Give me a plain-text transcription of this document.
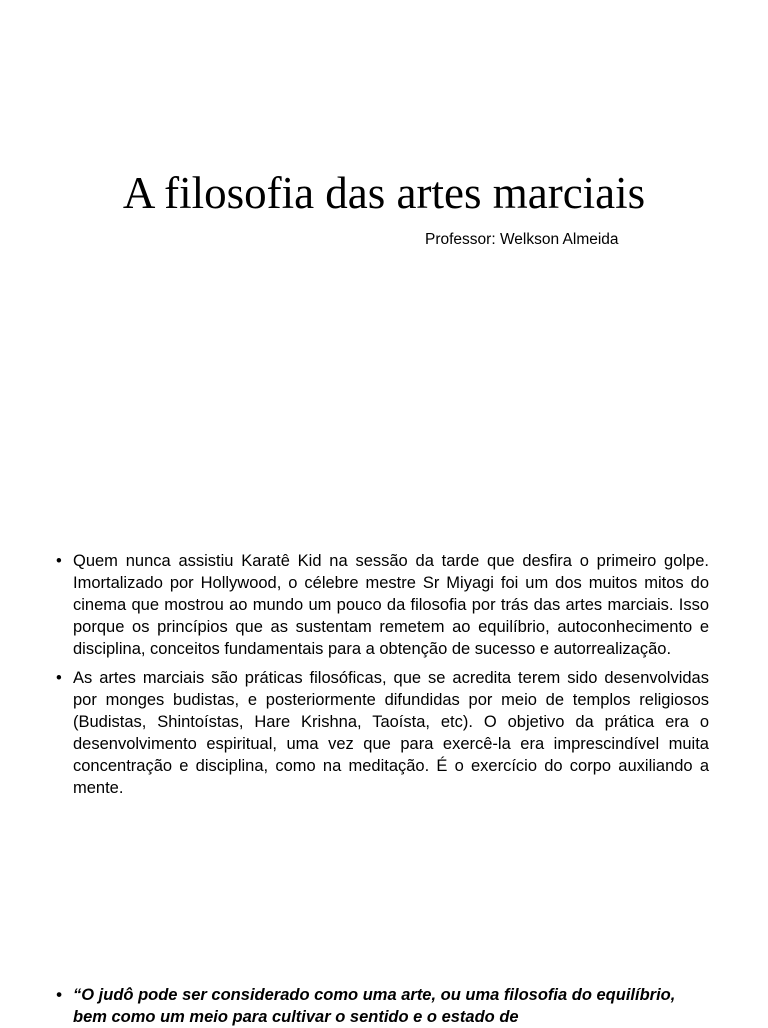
A filosofia das artes marciais
Professor: Welkson Almeida
• Quem nunca assistiu Karatê Kid na sessão da tarde que desfira o primeiro golpe. Imortalizado por Hollywood, o célebre mestre Sr Miyagi foi um dos muitos mitos do cinema que mostrou ao mundo um pouco da filosofia por trás das artes marciais. Isso porque os princípios que as sustentam remetem ao equilíbrio, autoconhecimento e disciplina, conceitos fundamentais para a obtenção de sucesso e autorrealização.
• As artes marciais são práticas filosóficas, que se acredita terem sido desenvolvidas por monges budistas, e posteriormente difundidas por meio de templos religiosos (Budistas, Shintoístas, Hare Krishna, Taoísta, etc). O objetivo da prática era o desenvolvimento espiritual, uma vez que para exercê-la era imprescindível muita concentração e disciplina, como na meditação. É o exercício do corpo auxiliando a mente.
• “O judô pode ser considerado como uma arte, ou uma filosofia do equilíbrio, bem como um meio para cultivar o sentido e o estado de
